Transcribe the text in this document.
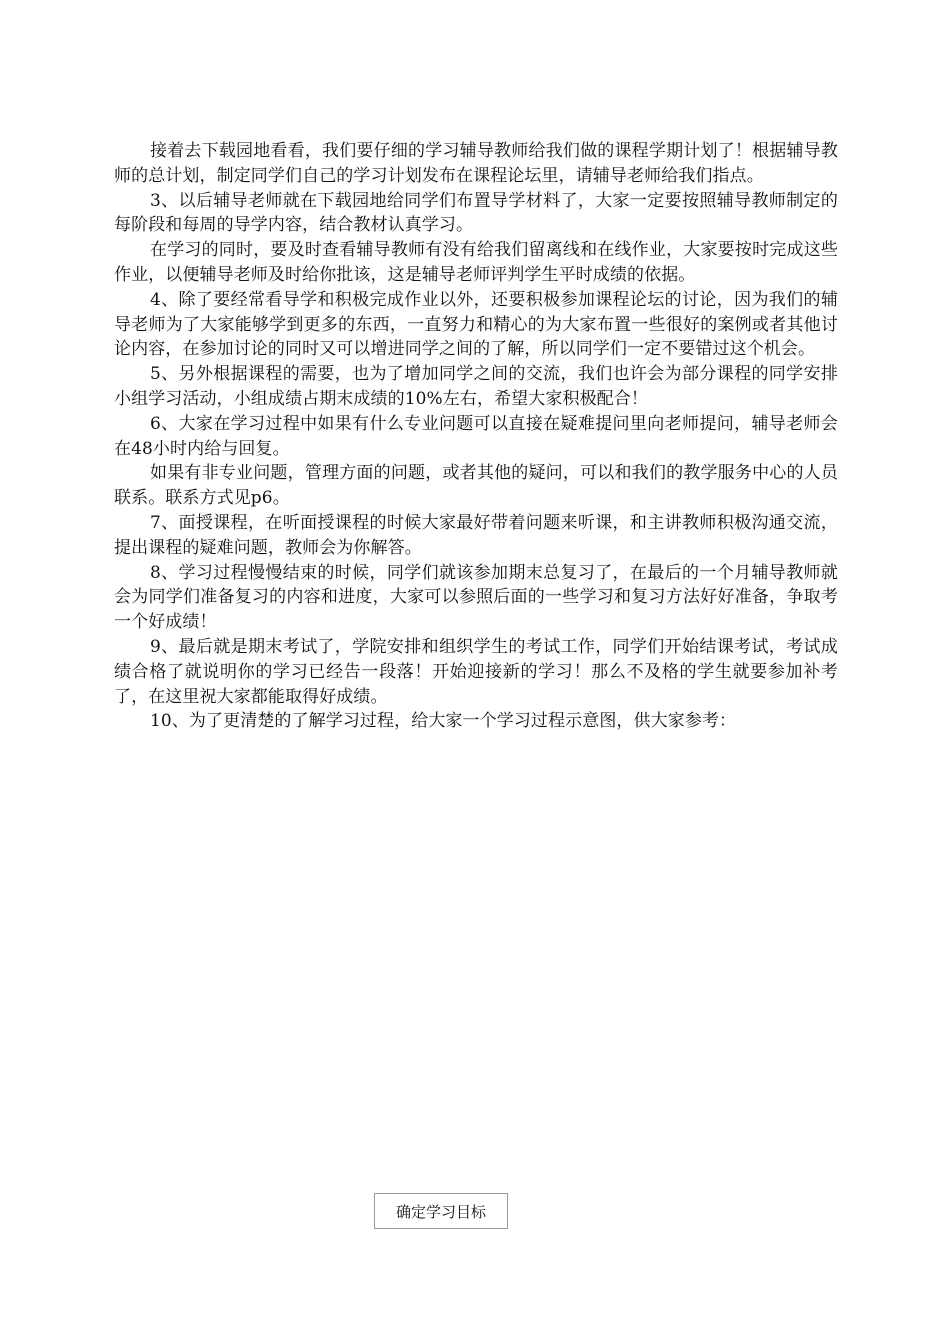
接着去下载园地看看，我们要仔细的学习辅导教师给我们做的课程学期计划了！根据辅导教师的总计划，制定同学们自己的学习计划发布在课程论坛里，请辅导老师给我们指点。

3、以后辅导老师就在下载园地给同学们布置导学材料了，大家一定要按照辅导教师制定的每阶段和每周的导学内容，结合教材认真学习。

在学习的同时，要及时查看辅导教师有没有给我们留离线和在线作业，大家要按时完成这些作业，以便辅导老师及时给你批该，这是辅导老师评判学生平时成绩的依据。

4、除了要经常看导学和积极完成作业以外，还要积极参加课程论坛的讨论，因为我们的辅导老师为了大家能够学到更多的东西，一直努力和精心的为大家布置一些很好的案例或者其他讨论内容，在参加讨论的同时又可以增进同学之间的了解，所以同学们一定不要错过这个机会。

5、另外根据课程的需要，也为了增加同学之间的交流，我们也许会为部分课程的同学安排小组学习活动，小组成绩占期末成绩的10%左右，希望大家积极配合！

6、大家在学习过程中如果有什么专业问题可以直接在疑难提问里向老师提问，辅导老师会在48小时内给与回复。

如果有非专业问题，管理方面的问题，或者其他的疑问，可以和我们的教学服务中心的人员联系。联系方式见p6。

7、面授课程，在听面授课程的时候大家最好带着问题来听课，和主讲教师积极沟通交流，提出课程的疑难问题，教师会为你解答。

8、学习过程慢慢结束的时候，同学们就该参加期末总复习了，在最后的一个月辅导教师就会为同学们准备复习的内容和进度，大家可以参照后面的一些学习和复习方法好好准备，争取考一个好成绩！

9、最后就是期末考试了，学院安排和组织学生的考试工作，同学们开始结课考试，考试成绩合格了就说明你的学习已经告一段落！开始迎接新的学习！那么不及格的学生就要参加补考了，在这里祝大家都能取得好成绩。

10、为了更清楚的了解学习过程，给大家一个学习过程示意图，供大家参考：

确定学习目标
